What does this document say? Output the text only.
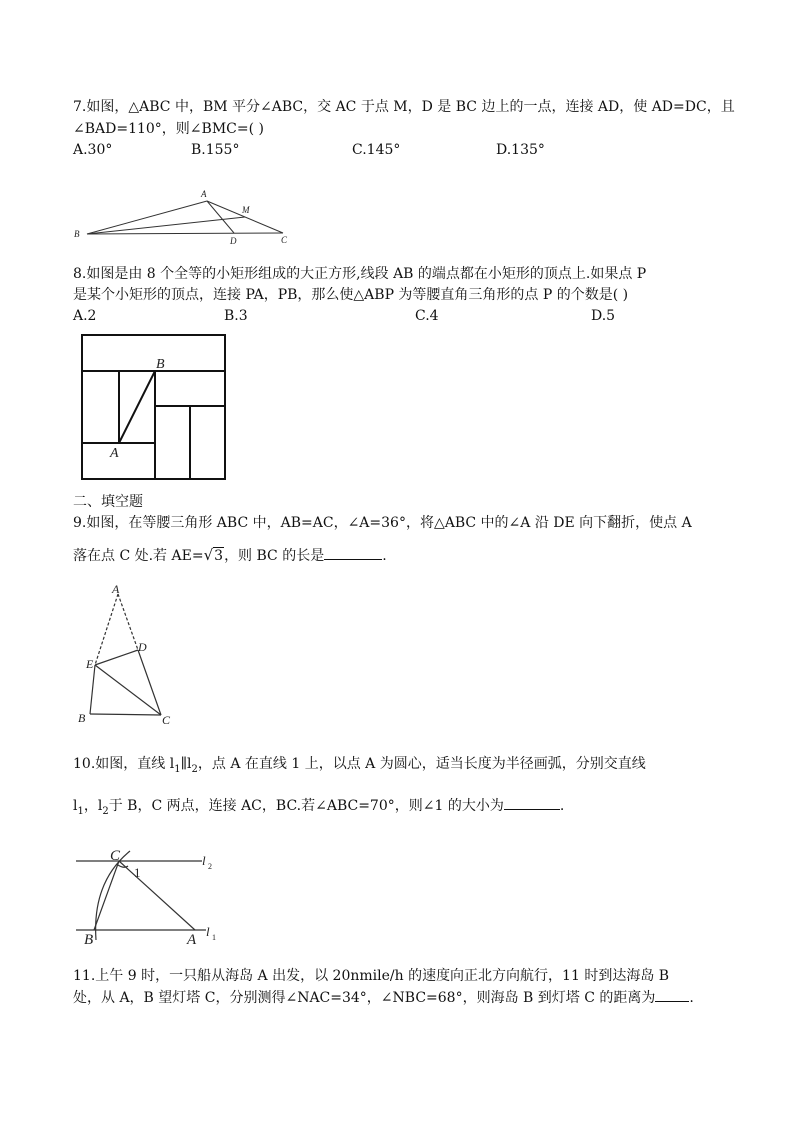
7.如图，△ABC 中，BM 平分∠ABC，交 AC 于点 M，D 是 BC 边上的一点，连接 AD，使 AD=DC，且
∠BAD=110°，则∠BMC=( )
A.30°	B.155°	C.145°	D.135°
A
M
B
D	C
8.如图是由 8 个全等的小矩形组成的大正方形,线段 AB 的端点都在小矩形的顶点上.如果点 P
是某个小矩形的顶点，连接 PA，PB，那么使△ABP 为等腰直角三角形的点 P 的个数是( )
A.2	B.3	C.4	D.5
B
A
二、填空题
9.如图，在等腰三角形 ABC 中，AB=AC，∠A=36°，将△ABC 中的∠A 沿 DE 向下翻折，使点 A
落在点 C 处.若 AE=√3，则 BC 的长是	.
A
D
E
B	C
10.如图，直线 $l_1\parallel l_2$，点 A 在直线 1 上，以点 A 为圆心，适当长度为半径画弧，分别交直线
$l_1$，$l_2$于 B，C 两点，连接 AC，BC.若∠ABC=70°，则∠1 的大小为	.
C
1
l 2
B	A
l 1
11.上午 9 时，一只船从海岛 A 出发，以 20nmile/h 的速度向正北方向航行，11 时到达海岛 B
处，从 A，B 望灯塔 C，分别测得∠NAC=34°，∠NBC=68°，则海岛 B 到灯塔 C 的距离为 .
